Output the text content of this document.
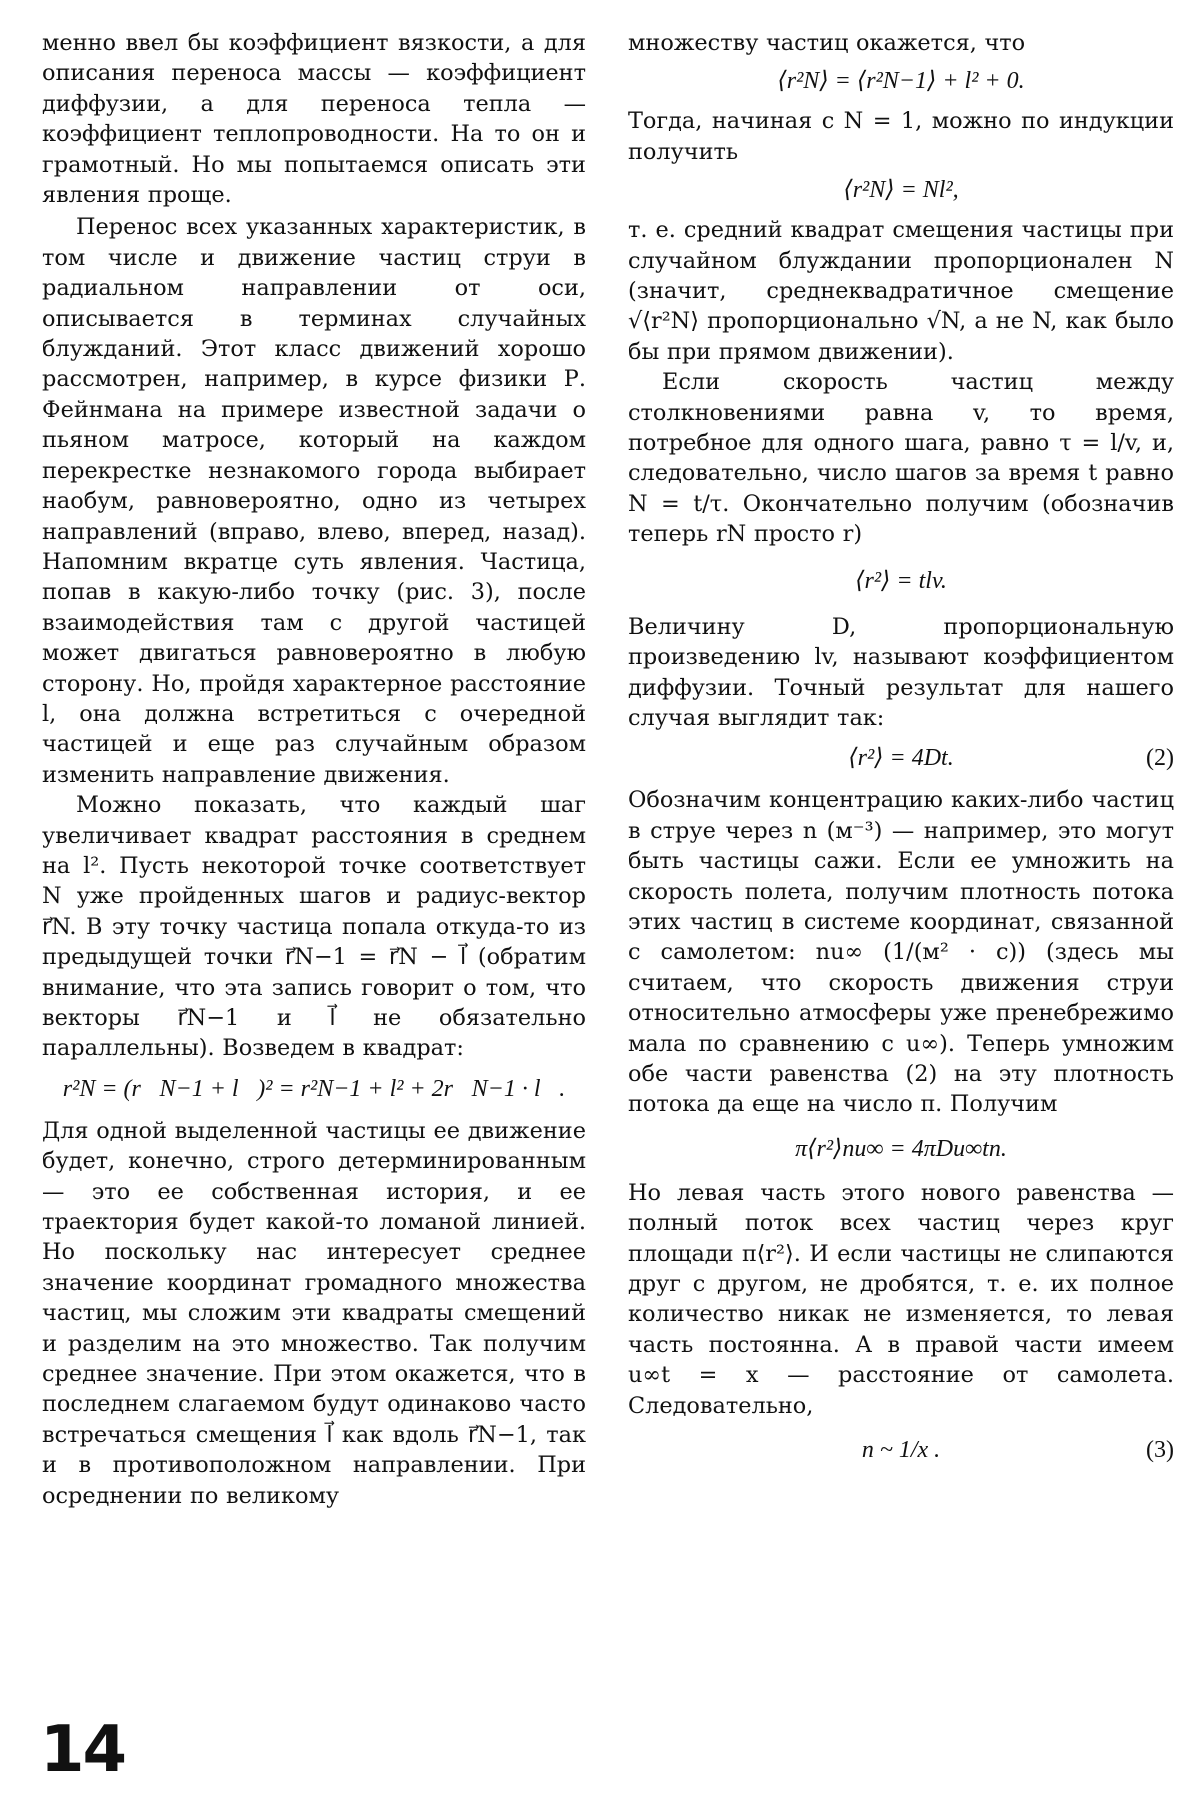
менно ввел бы коэффициент вязкости, а для описания переноса массы — коэффициент диффузии, а для переноса тепла — коэффициент теплопроводности. На то он и грамотный. Но мы попытаемся описать эти явления проще.

Перенос всех указанных характеристик, в том числе и движение частиц струи в радиальном направлении от оси, описывается в терминах случайных блужданий. Этот класс движений хорошо рассмотрен, например, в курсе физики Р. Фейнмана на примере известной задачи о пьяном матросе, который на каждом перекрестке незнакомого города выбирает наобум, равновероятно, одно из четырех направлений (вправо, влево, вперед, назад). Напомним вкратце суть явления. Частица, попав в какую-либо точку (рис. 3), после взаимодействия там с другой частицей может двигаться равновероятно в любую сторону. Но, пройдя характерное расстояние l, она должна встретиться с очередной частицей и еще раз случайным образом изменить направление движения.

Можно показать, что каждый шаг увеличивает квадрат расстояния в среднем на l². Пусть некоторой точке соответствует N уже пройденных шагов и радиус-вектор r⃗N. В эту точку частица попала откуда-то из предыдущей точки r⃗N−1 = r⃗N − l⃗ (обратим внимание, что эта запись говорит о том, что векторы r⃗N−1 и l⃗ не обязательно параллельны). Возведем в квадрат:

r²N = (r⃗N−1 + l⃗)² = r²N−1 + l² + 2r⃗N−1 · l⃗.

Для одной выделенной частицы ее движение будет, конечно, строго детерминированным — это ее собственная история, и ее траектория будет какой-то ломаной линией. Но поскольку нас интересует среднее значение координат громадного множества частиц, мы сложим эти квадраты смещений и разделим на это множество. Так получим среднее значение. При этом окажется, что в последнем слагаемом будут одинаково часто встречаться смещения l⃗ как вдоль r⃗N−1, так и в противоположном направлении. При осреднении по великому

множеству частиц окажется, что

⟨r²N⟩ = ⟨r²N−1⟩ + l² + 0.

Тогда, начиная с N = 1, можно по индукции получить

⟨r²N⟩ = Nl²,

т. е. средний квадрат смещения частицы при случайном блуждании пропорционален N (значит, среднеквадратичное смещение √⟨r²N⟩ пропорционально √N, а не N, как было бы при прямом движении).

Если скорость частиц между столкновениями равна v, то время, потребное для одного шага, равно τ = l/v, и, следовательно, число шагов за время t равно N = t/τ. Окончательно получим (обозначив теперь rN просто r)

⟨r²⟩ = tlv.

Величину D, пропорциональную произведению lv, называют коэффициентом диффузии. Точный результат для нашего случая выглядит так:

⟨r²⟩ = 4Dt.	(2)

Обозначим концентрацию каких-либо частиц в струе через n (м⁻³) — например, это могут быть частицы сажи. Если ее умножить на скорость полета, получим плотность потока этих частиц в системе координат, связанной с самолетом: nu∞ (1/(м² · с)) (здесь мы считаем, что скорость движения струи относительно атмосферы уже пренебрежимо мала по сравнению с u∞). Теперь умножим обе части равенства (2) на эту плотность потока да еще на число π. Получим

π⟨r²⟩nu∞ = 4πDu∞tn.

Но левая часть этого нового равенства — полный поток всех частиц через круг площади π⟨r²⟩. И если частицы не слипаются друг с другом, не дробятся, т. е. их полное количество никак не изменяется, то левая часть постоянна. А в правой части имеем u∞t = x — расстояние от самолета. Следовательно,

n ~ 1/x .	(3)
14
